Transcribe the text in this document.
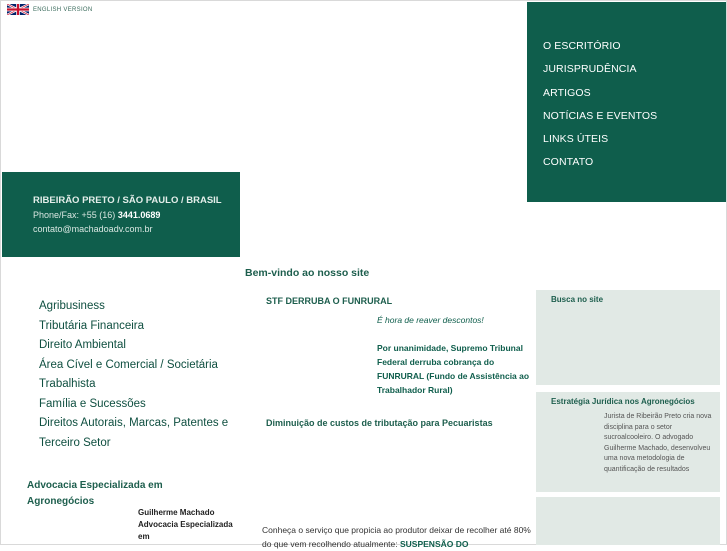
ENGLISH VERSION
O ESCRITÓRIO
JURISPRUDÊNCIA
ARTIGOS
NOTÍCIAS E EVENTOS
LINKS ÚTEIS
CONTATO
RIBEIRÃO PRETO / SÃO PAULO / BRASIL
Phone/Fax: +55 (16) 3441.0689
contato@machadoadv.com.br
Bem-vindo ao nosso site
Agribusiness
Tributária Financeira
Direito Ambiental
Área Cível e Comercial / Societária
Trabalhista
Família e Sucessões
Direitos Autorais, Marcas, Patentes e Terceiro Setor
Advocacia Especializada em Agronegócios
Guilherme Machado Advocacia Especializada em
STF DERRUBA O FUNRURAL
É hora de reaver descontos!
Por unanimidade, Supremo Tribunal Federal derruba cobrança do FUNRURAL (Fundo de Assistência ao Trabalhador Rural)
Diminuição de custos de tributação para Pecuaristas
Conheça o serviço que propicia ao produtor deixar de recolher até 80% do que vem recolhendo atualmente: SUSPENSÃO DO
Busca no site
Estratégia Jurídica nos Agronegócios
Jurista de Ribeirão Preto cria nova disciplina para o setor sucroalcooleiro. O advogado Guilherme Machado, desenvolveu uma nova metodologia de quantificação de resultados
